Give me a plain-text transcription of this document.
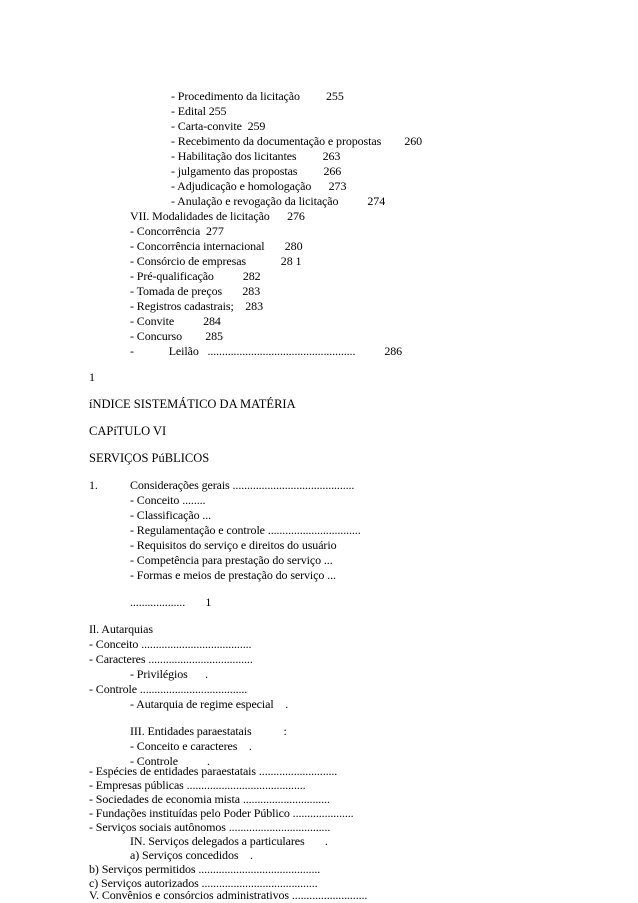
- Procedimento da licitação         255
- Edital 255
- Carta-convite  259
- Recebimento da documentação e propostas        260
- Habilitação dos licitantes         263
- julgamento das propostas         266
- Adjudicação e homologação      273
- Anulação e revogação da licitação          274
VII. Modalidades de licitação      276
- Concorrência  277
- Concorrência internacional       280
- Consórcio de empresas            28 1
- Pré-qualificação          282
- Tomada de preços       283
- Registros cadastrais;    283
- Convite          284
- Concurso        285
-            Leilão   ...................................................          286
1
íNDICE SISTEMÁTICO DA MATÉRIA
CAPíTULO VI
SERVIÇOS PúBLICOS
1.	Considerações gerais ..........................................
- Conceito ........
- Classificação ...
- Regulamentação e controle ................................
- Requisitos do serviço e direitos do usuário
- Competência para prestação do serviço ...
- Formas e meios de prestação do serviço ...
...................       1
Il. Autarquias
- Conceito ......................................
- Caracteres ....................................
- Privilégios      .
- Controle .....................................
- Autarquia de regime especial    .
III. Entidades paraestatais           :
- Conceito e caracteres    .
- Controle          .
- Espécies de entidades paraestatais ...........................
- Empresas públicas .........................................
- Sociedades de economia mista ..............................
- Fundações instituídas pelo Poder Público .....................
- Serviços sociais autônomos ...................................
IN. Serviços delegados a particulares       .
a) Serviços concedidos    .
b) Serviços permitidos ..........................................
c) Serviços autorizados ........................................
V. Convênios e consórcios administrativos ..........................
